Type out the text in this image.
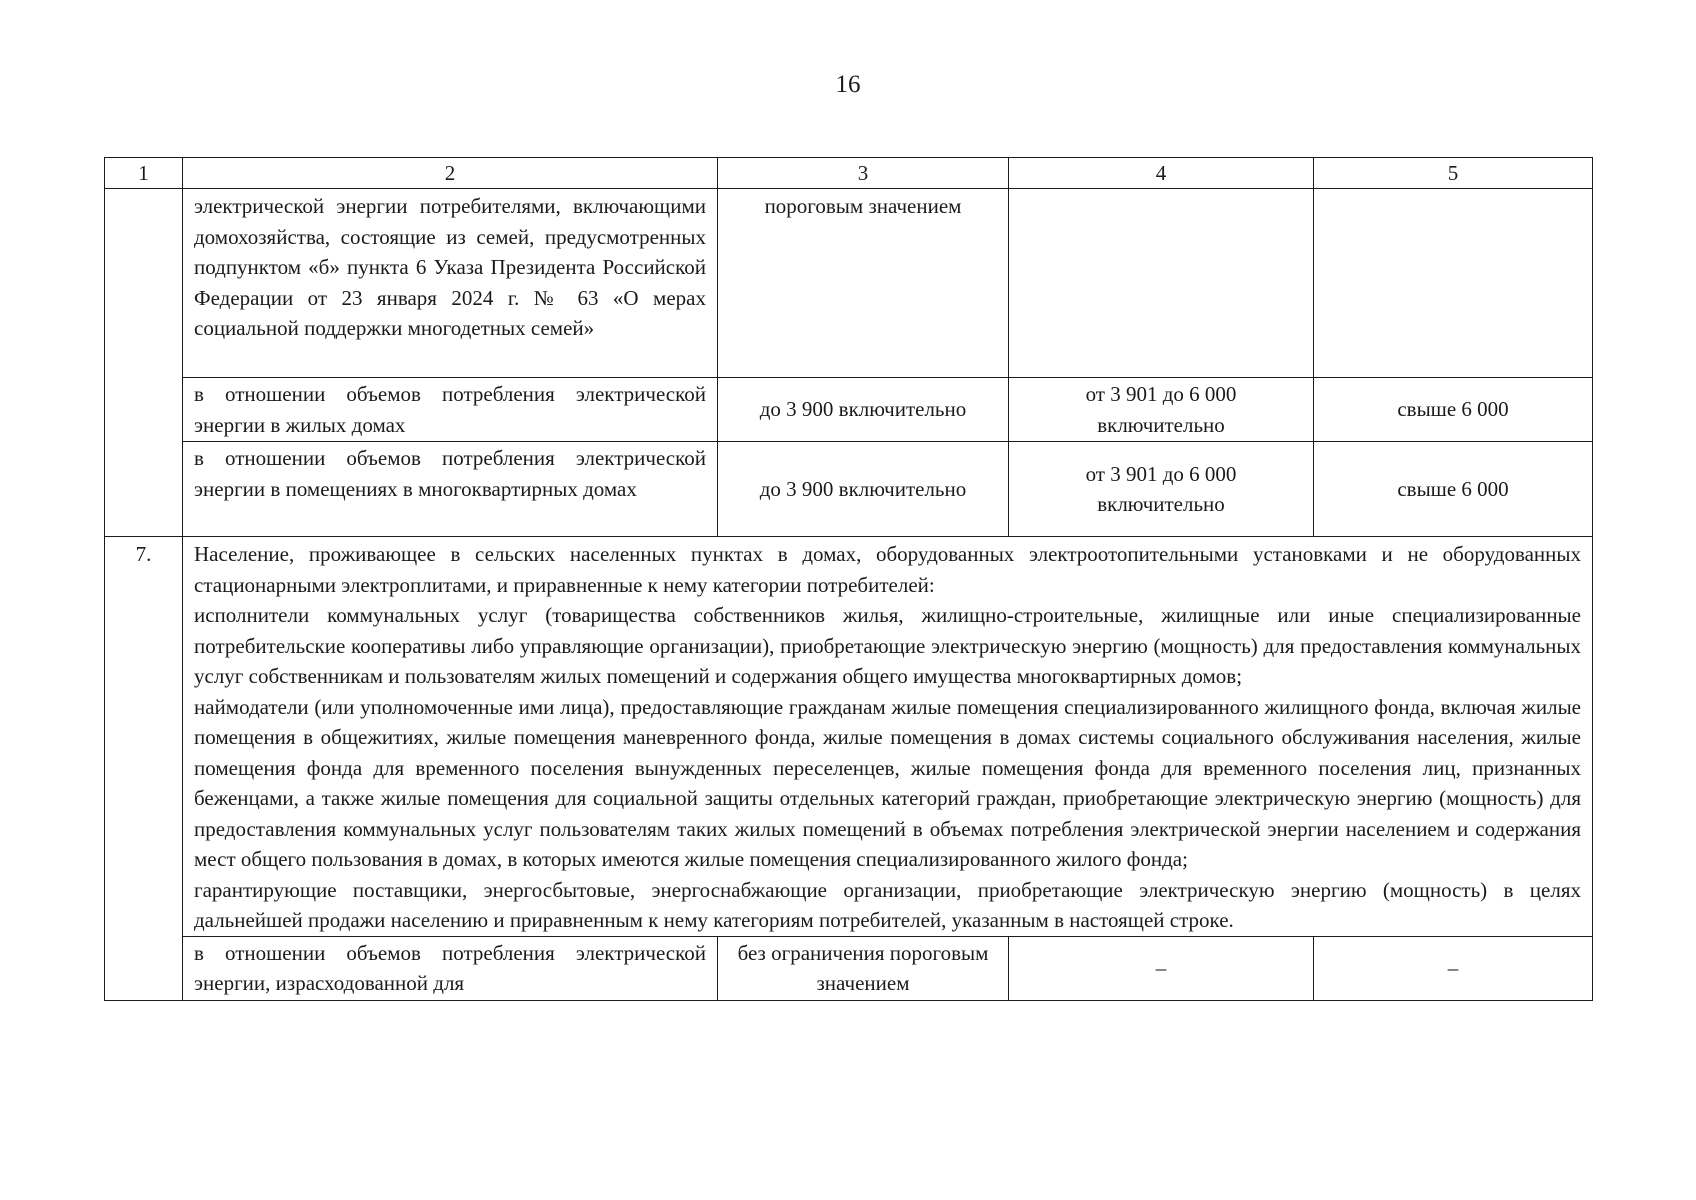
16
1	2	3	4	5
	электрической энергии потребителями, включающими домохозяйства, состоящие из семей, предусмотренных подпунктом «б» пункта 6 Указа Президента Российской Федерации от 23 января 2024 г. № 63 «О мерах социальной поддержки многодетных семей»	пороговым значением		
	в отношении объемов потребления электрической энергии в жилых домах	до 3 900 включительно	от 3 901 до 6 000 включительно	свыше 6 000
	в отношении объемов потребления электрической энергии в помещениях в многоквартирных домах	до 3 900 включительно	от 3 901 до 6 000 включительно	свыше 6 000
7.	Население, проживающее в сельских населенных пунктах в домах, оборудованных электроотопительными установками и не оборудованных стационарными электроплитами, и приравненные к нему категории потребителей:
исполнители коммунальных услуг (товарищества собственников жилья, жилищно-строительные, жилищные или иные специализированные потребительские кооперативы либо управляющие организации), приобретающие электрическую энергию (мощность) для предоставления коммунальных услуг собственникам и пользователям жилых помещений и содержания общего имущества многоквартирных домов;
наймодатели (или уполномоченные ими лица), предоставляющие гражданам жилые помещения специализированного жилищного фонда, включая жилые помещения в общежитиях, жилые помещения маневренного фонда, жилые помещения в домах системы социального обслуживания населения, жилые помещения фонда для временного поселения вынужденных переселенцев, жилые помещения фонда для временного поселения лиц, признанных беженцами, а также жилые помещения для социальной защиты отдельных категорий граждан, приобретающие электрическую энергию (мощность) для предоставления коммунальных услуг пользователям таких жилых помещений в объемах потребления электрической энергии населением и содержания мест общего пользования в домах, в которых имеются жилые помещения специализированного жилого фонда;
гарантирующие поставщики, энергосбытовые, энергоснабжающие организации, приобретающие электрическую энергию (мощность) в целях дальнейшей продажи населению и приравненным к нему категориям потребителей, указанным в настоящей строке.			

	в отношении объемов потребления электрической энергии, израсходованной для	без ограничения пороговым значением	–	–
